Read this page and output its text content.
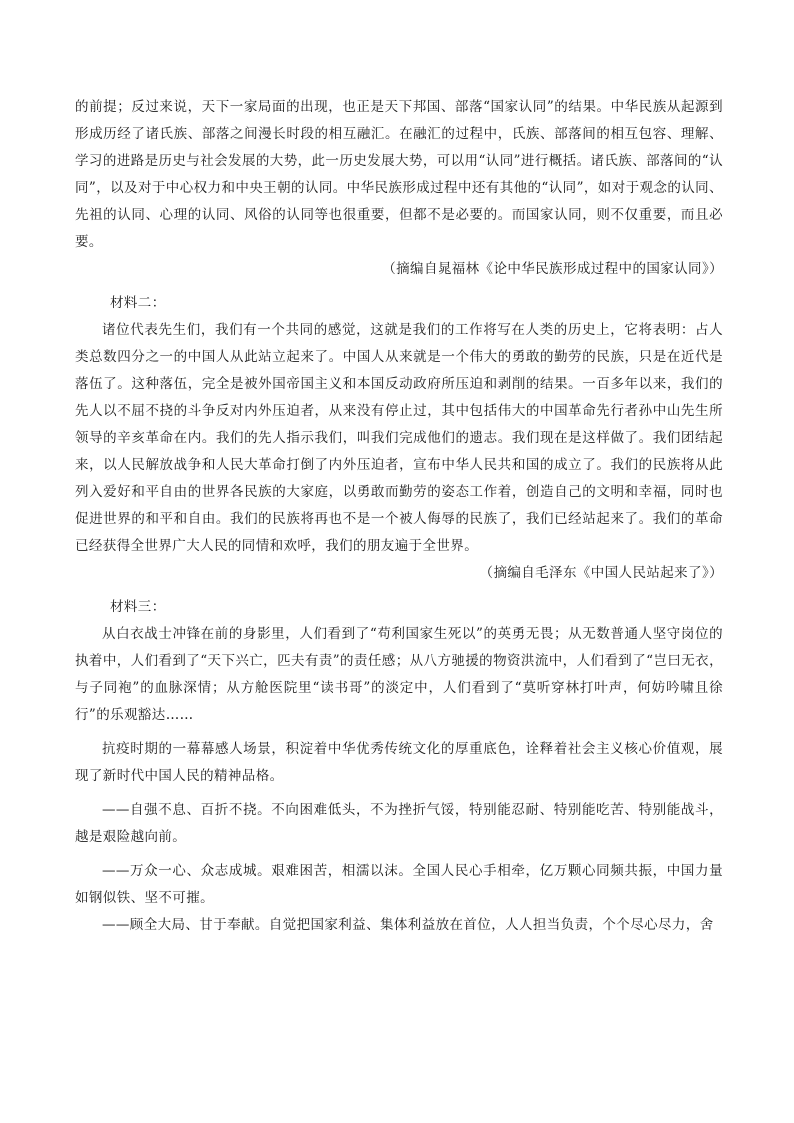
的前提；反过来说，天下一家局面的出现，也正是天下邦国、部落“国家认同”的结果。中华民族从起源到形成历经了诸氏族、部落之间漫长时段的相互融汇。在融汇的过程中，氏族、部落间的相互包容、理解、学习的进路是历史与社会发展的大势，此一历史发展大势，可以用“认同”进行概括。诸氏族、部落间的“认同”，以及对于中心权力和中央王朝的认同。中华民族形成过程中还有其他的“认同”，如对于观念的认同、先祖的认同、心理的认同、风俗的认同等也很重要，但都不是必要的。而国家认同，则不仅重要，而且必要。

（摘编自晁福林《论中华民族形成过程中的国家认同》）

材料二：

诸位代表先生们，我们有一个共同的感觉，这就是我们的工作将写在人类的历史上，它将表明：占人类总数四分之一的中国人从此站立起来了。中国人从来就是一个伟大的勇敢的勤劳的民族，只是在近代是落伍了。这种落伍，完全是被外国帝国主义和本国反动政府所压迫和剥削的结果。一百多年以来，我们的先人以不屈不挠的斗争反对内外压迫者，从来没有停止过，其中包括伟大的中国革命先行者孙中山先生所领导的辛亥革命在内。我们的先人指示我们，叫我们完成他们的遗志。我们现在是这样做了。我们团结起来，以人民解放战争和人民大革命打倒了内外压迫者，宣布中华人民共和国的成立了。我们的民族将从此列入爱好和平自由的世界各民族的大家庭，以勇敢而勤劳的姿态工作着，创造自己的文明和幸福，同时也促进世界的和平和自由。我们的民族将再也不是一个被人侮辱的民族了，我们已经站起来了。我们的革命已经获得全世界广大人民的同情和欢呼，我们的朋友遍于全世界。

（摘编自毛泽东《中国人民站起来了》）

材料三：

从白衣战士冲锋在前的身影里，人们看到了“苟利国家生死以”的英勇无畏；从无数普通人坚守岗位的执着中，人们看到了“天下兴亡，匹夫有责”的责任感；从八方驰援的物资洪流中，人们看到了“岂曰无衣，与子同袍”的血脉深情；从方舱医院里“读书哥”的淡定中，人们看到了“莫听穿林打叶声，何妨吟啸且徐行”的乐观豁达……

抗疫时期的一幕幕感人场景，积淀着中华优秀传统文化的厚重底色，诠释着社会主义核心价值观，展现了新时代中国人民的精神品格。

——自强不息、百折不挠。不向困难低头，不为挫折气馁，特别能忍耐、特别能吃苦、特别能战斗，越是艰险越向前。

——万众一心、众志成城。艰难困苦，相濡以沫。全国人民心手相牵，亿万颗心同频共振，中国力量如钢似铁、坚不可摧。

——顾全大局、甘于奉献。自觉把国家利益、集体利益放在首位，人人担当负责，个个尽心尽力，舍
